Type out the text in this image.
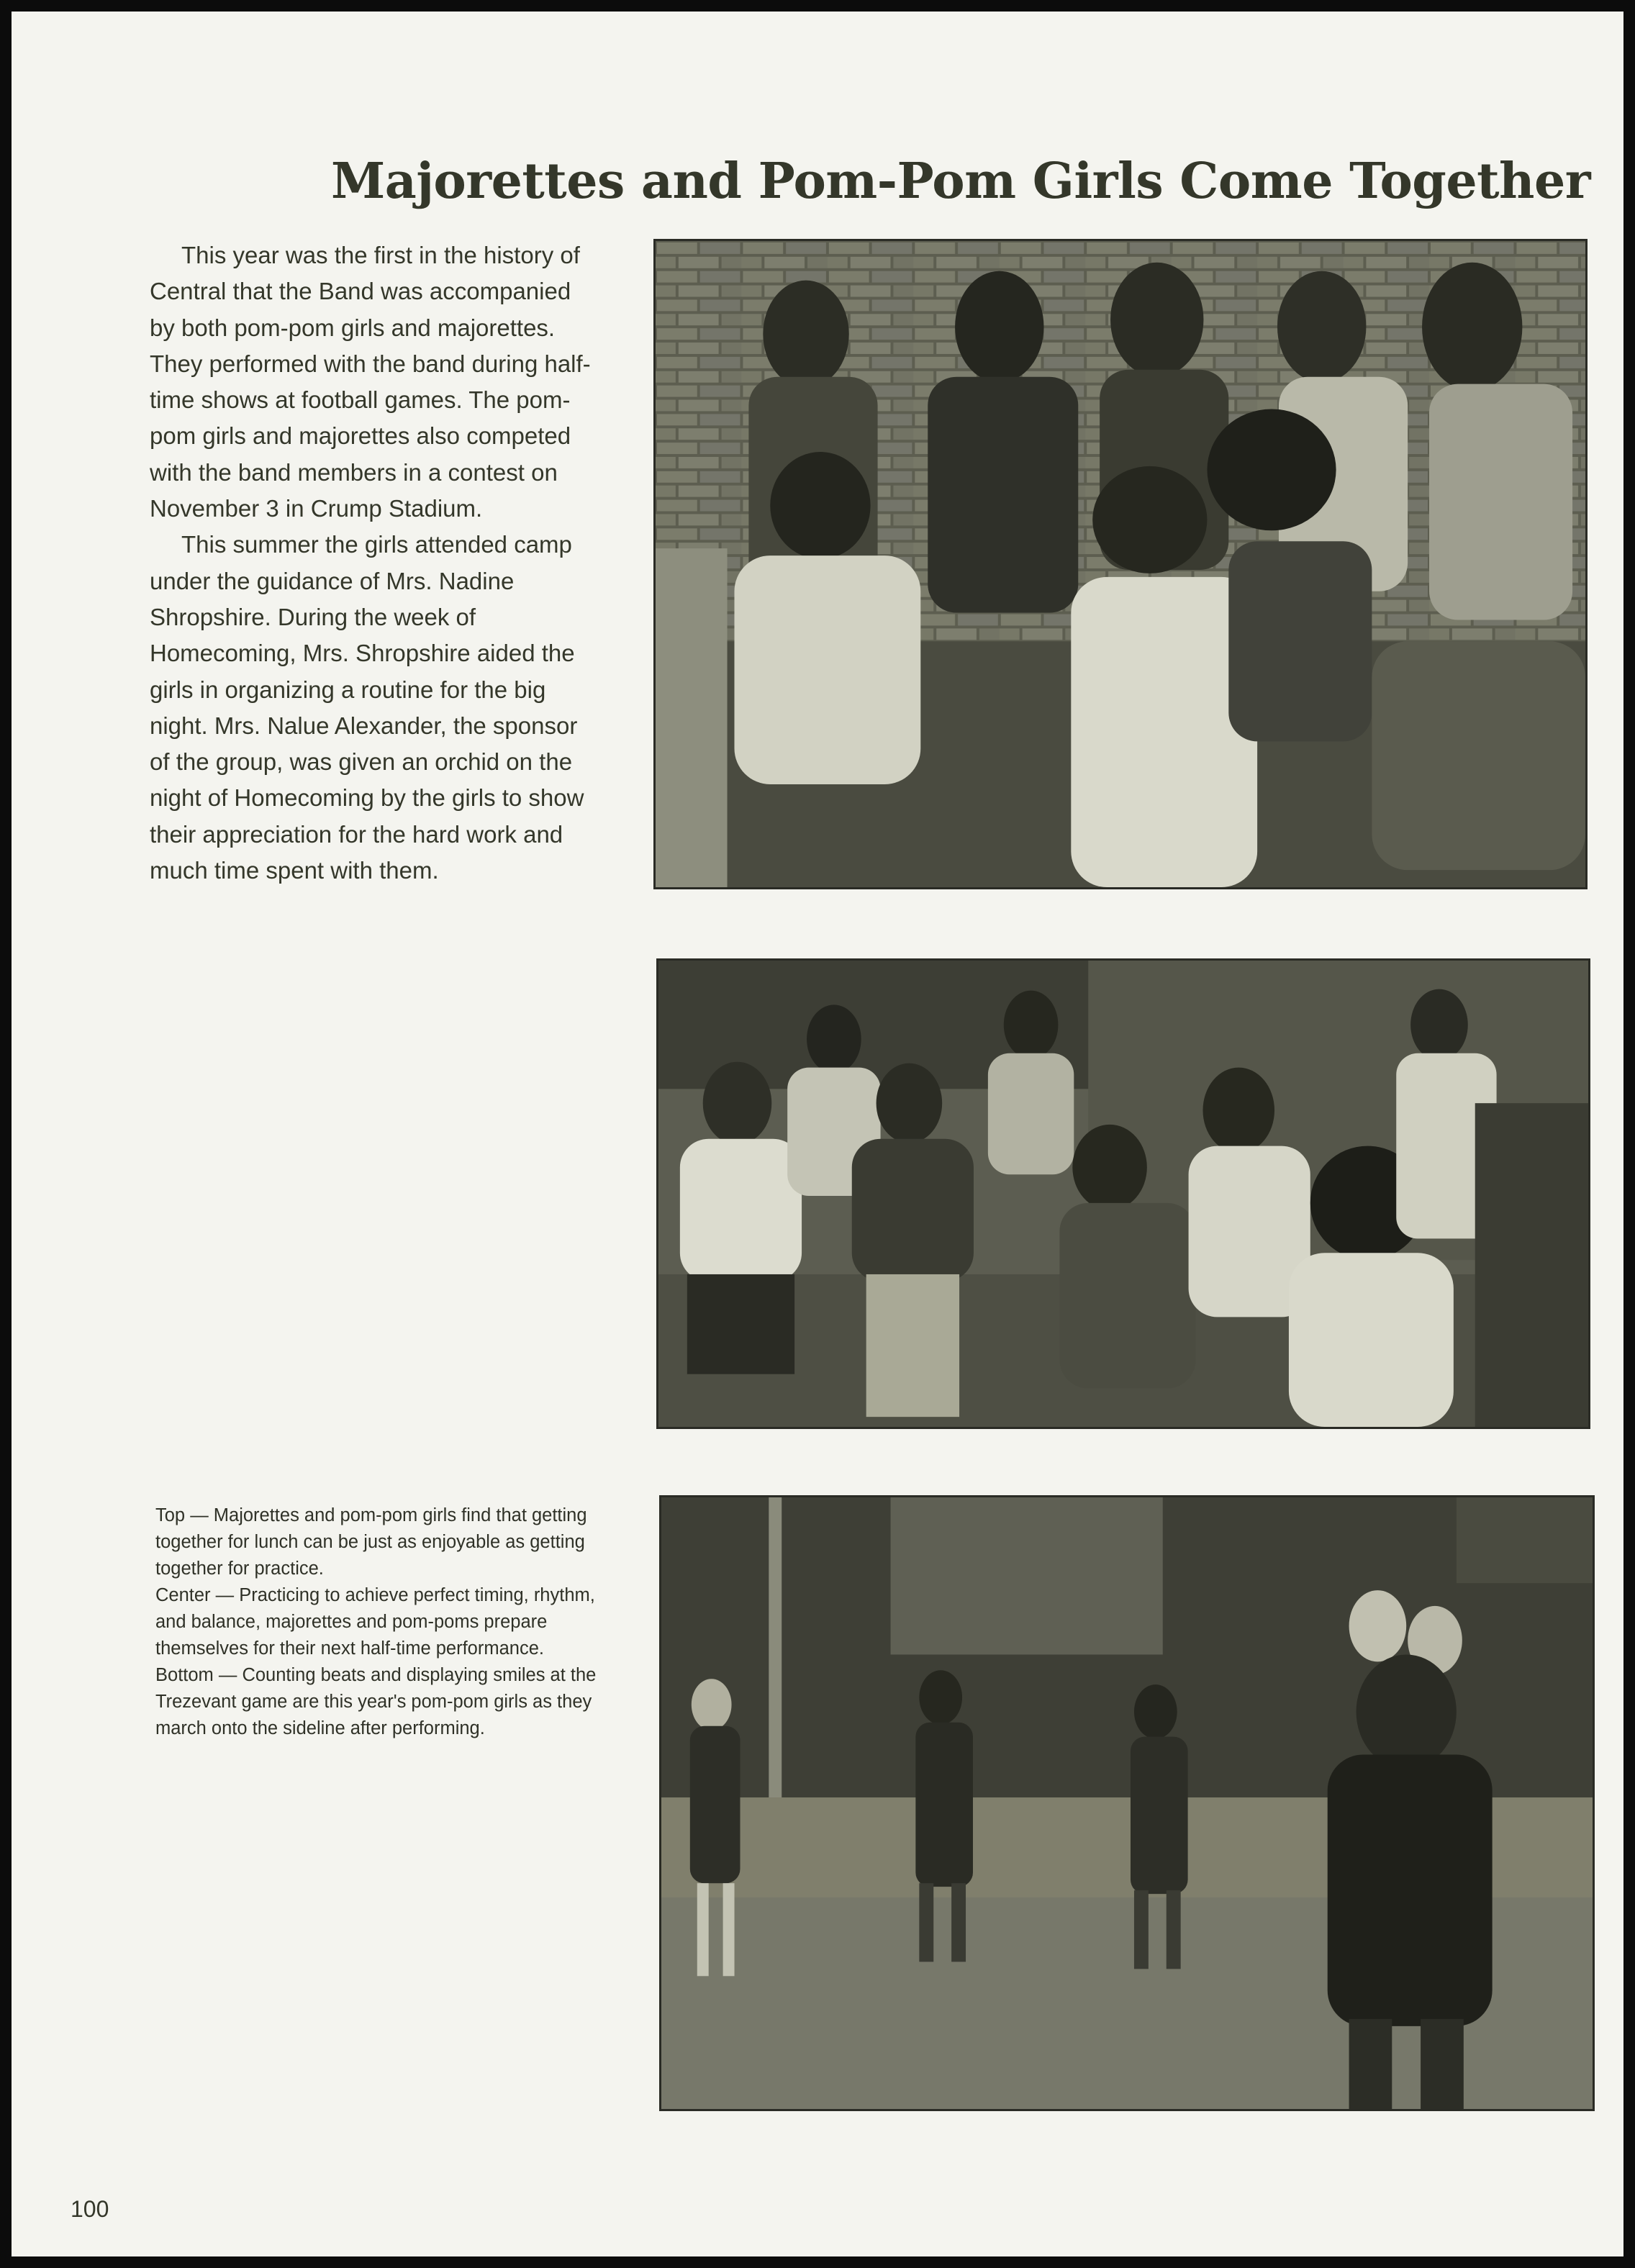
Majorettes and Pom-Pom Girls Come Together

This year was the first in the history of Central that the Band was accompanied by both pom-pom girls and majorettes. They performed with the band during half-time shows at football games. The pom-pom girls and majorettes also competed with the band members in a contest on November 3 in Crump Stadium.

This summer the girls attended camp under the guidance of Mrs. Nadine Shropshire. During the week of Homecoming, Mrs. Shropshire aided the girls in organizing a routine for the big night. Mrs. Nalue Alexander, the sponsor of the group, was given an orchid on the night of Homecoming by the girls to show their appreciation for the hard work and much time spent with them.

Top — Majorettes and pom-pom girls find that getting together for lunch can be just as enjoyable as getting together for practice.
Center — Practicing to achieve perfect timing, rhythm, and balance, majorettes and pom-poms prepare themselves for their next half-time performance.
Bottom — Counting beats and displaying smiles at the Trezevant game are this year's pom-pom girls as they march onto the sideline after performing.
100
